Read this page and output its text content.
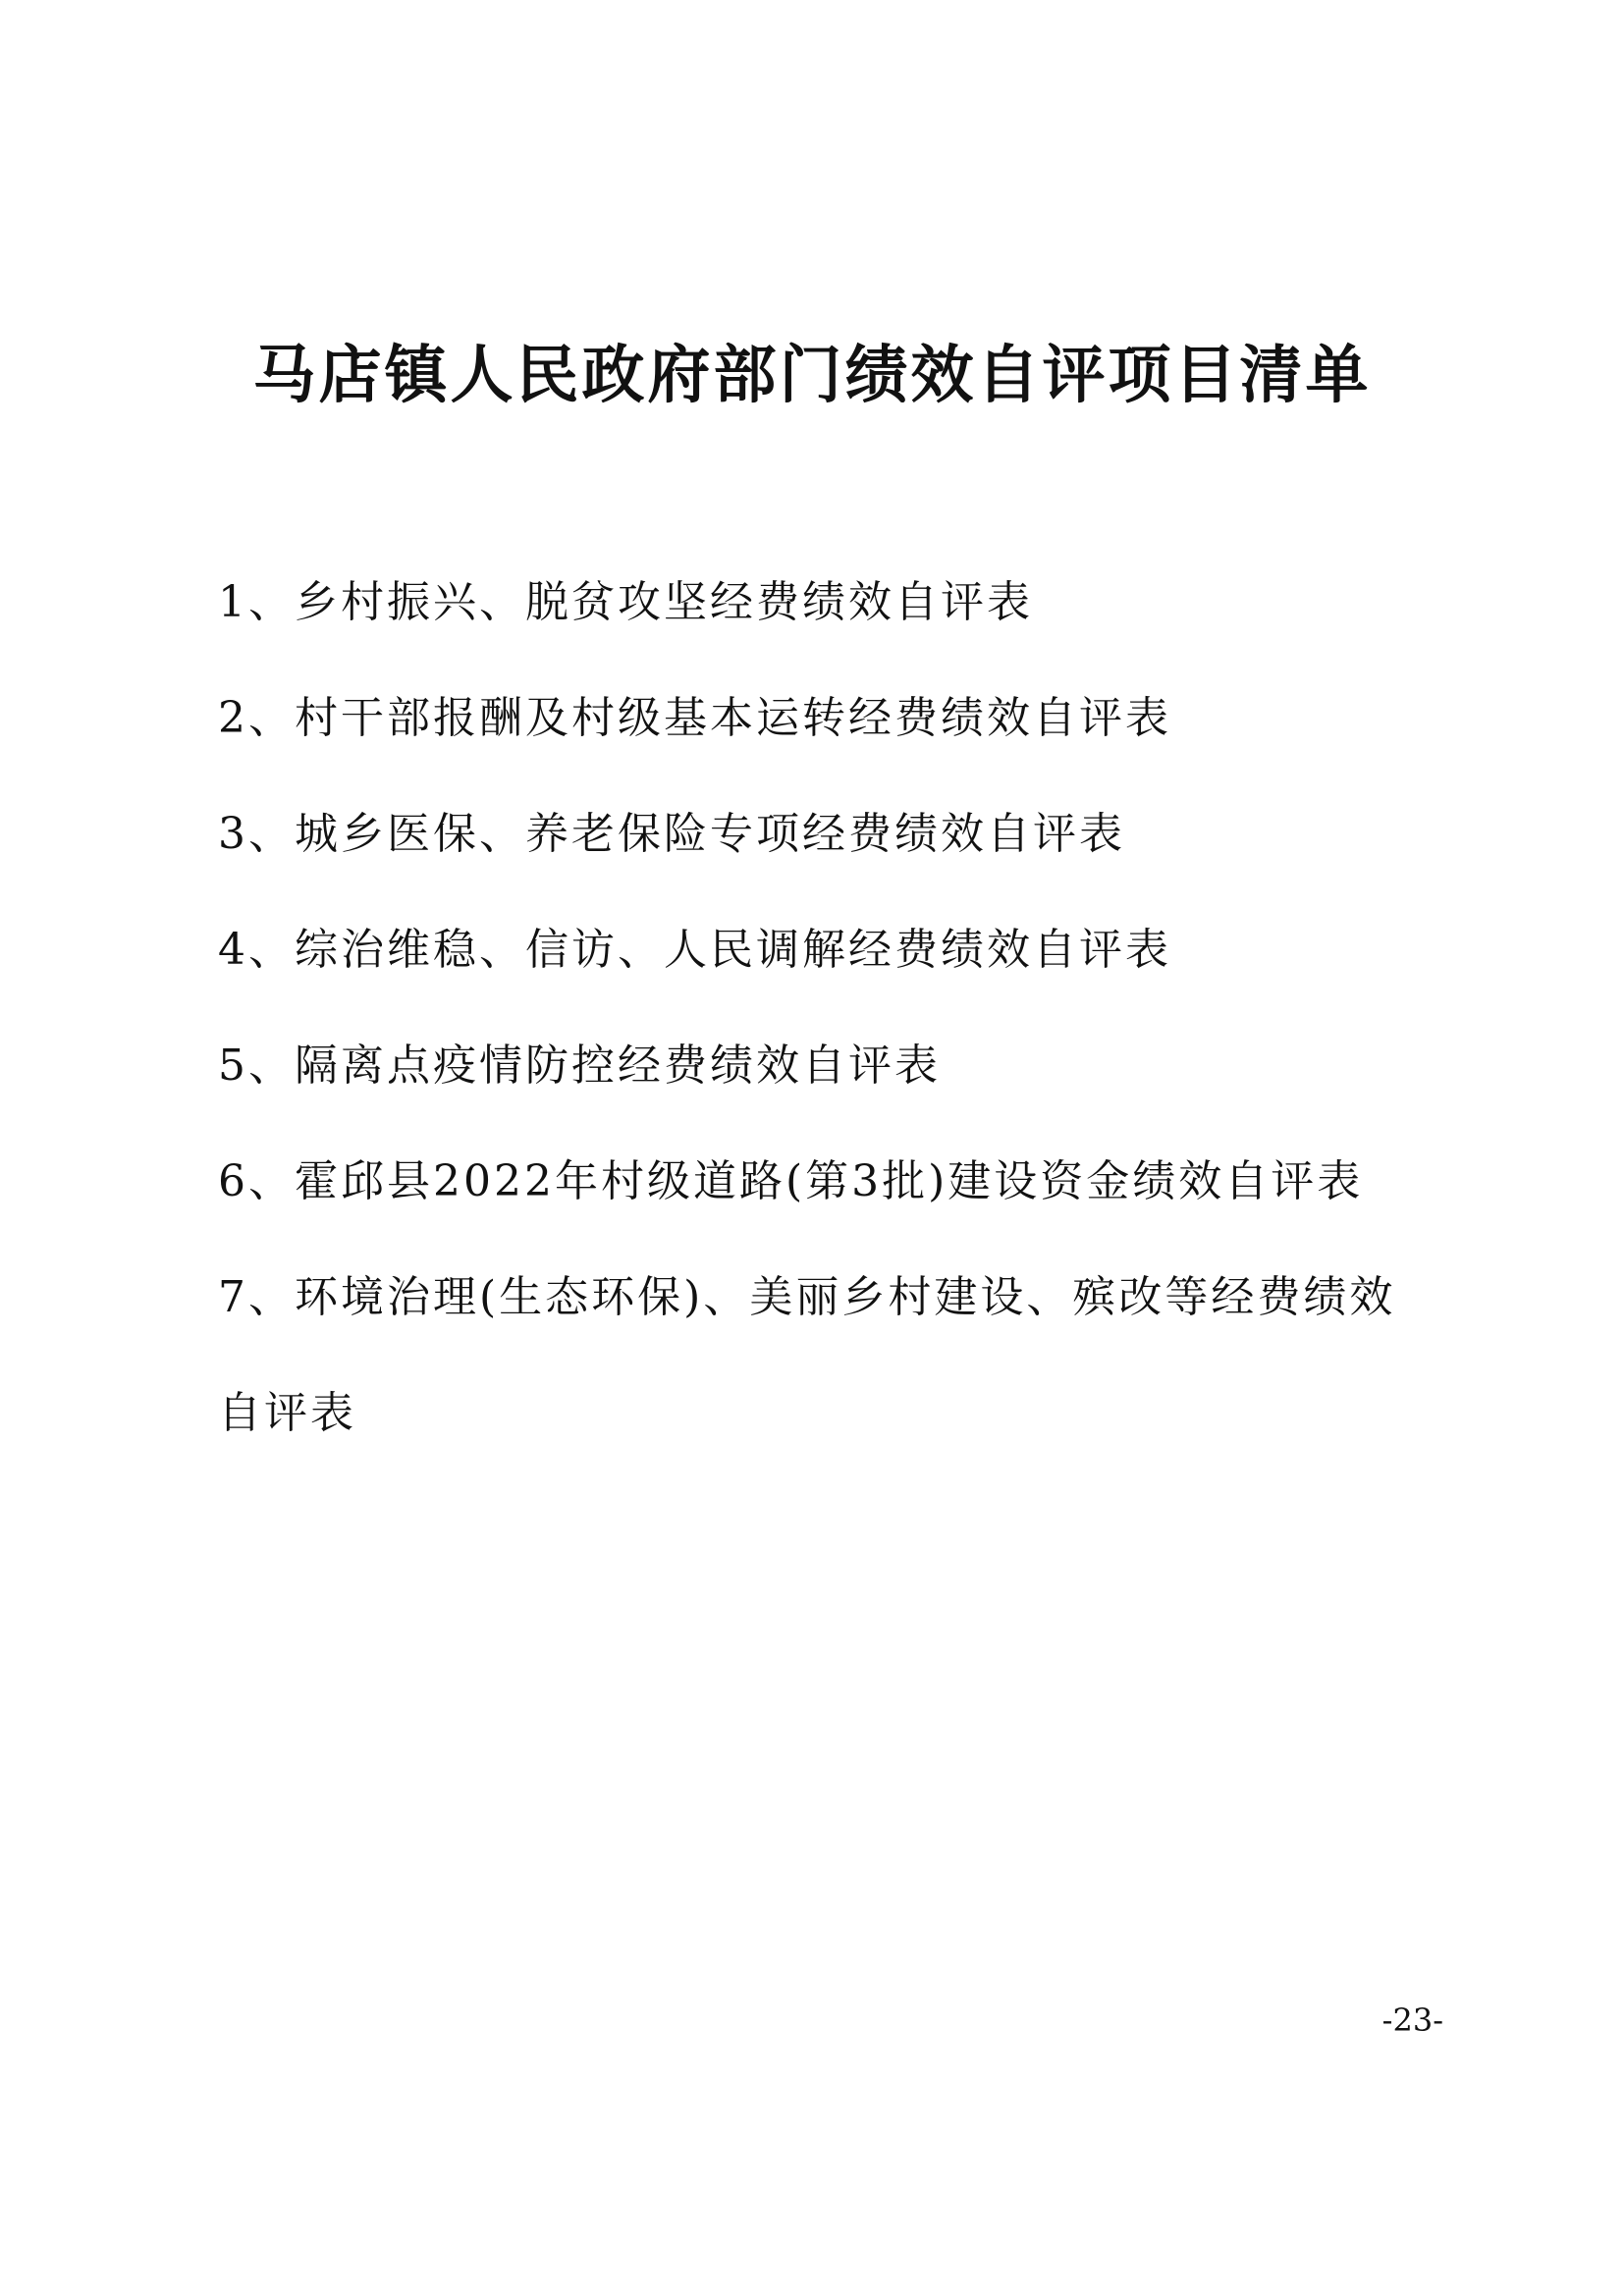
马店镇人民政府部门绩效自评项目清单
1、乡村振兴、脱贫攻坚经费绩效自评表
2、村干部报酬及村级基本运转经费绩效自评表
3、城乡医保、养老保险专项经费绩效自评表
4、综治维稳、信访、人民调解经费绩效自评表
5、隔离点疫情防控经费绩效自评表
6、霍邱县2022年村级道路(第3批)建设资金绩效自评表
7、环境治理(生态环保)、美丽乡村建设、殡改等经费绩效自评表
-23-
